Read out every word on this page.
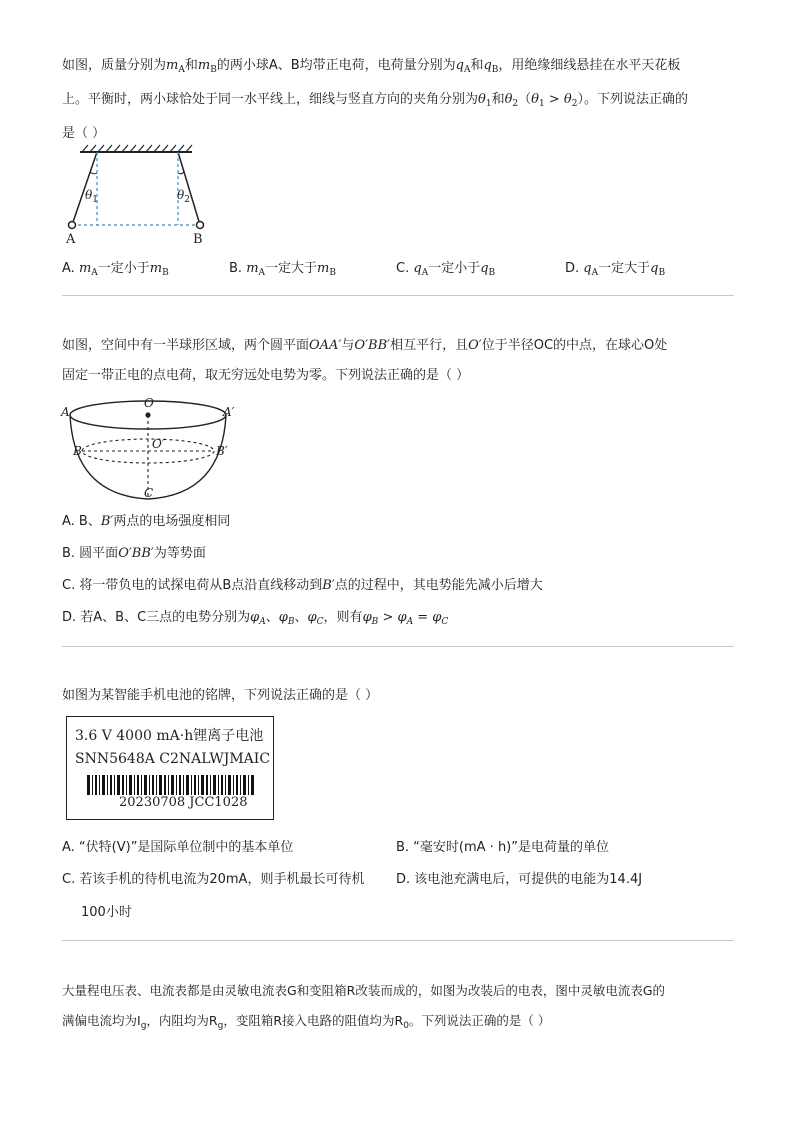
如图，质量分别为$m_A$和$m_B$的两小球A、B均带正电荷，电荷量分别为$q_A$和$q_B$，用绝缘细线悬挂在水平天花板
上。平衡时，两小球恰处于同一水平线上，细线与竖直方向的夹角分别为$\theta_1$和$\theta_2(\theta_1 > \theta_2)$。下列说法正确的
是（ ）
A	B
$\theta_1$	$\theta_2$
A. $m_A$一定小于$m_B$	B. $m_A$一定大于$m_B$	C. $q_A$一定小于$q_B$	D. $q_A$一定大于$q_B$
如图，空间中有一半球形区域，两个圆平面OAA′与O′BB′相互平行，且O′位于半径OC的中点，在球心O处
固定一带正电的点电荷，取无穷远处电势为零。下列说法正确的是（ ）
A	A′
O
O′
B	B′
C
A. B、B′两点的电场强度相同
B. 圆平面O′BB′为等势面
C. 将一带负电的试探电荷从B点沿直线移动到B′点的过程中，其电势能先减小后增大
D. 若A、B、C三点的电势分别为$\varphi_A$、$\varphi_B$、$\varphi_C$，则有$\varphi_B > \varphi_A = \varphi_C$
如图为某智能手机电池的铭牌，下列说法正确的是（ ）
3.6 V 4000 mA·h锂离子电池
SNN5648A C2NALWJMAIC
20230708 JCC1028
A. “伏特(V)”是国际单位制中的基本单位	B. “毫安时(mA · h)”是电荷量的单位
C. 若该手机的待机电流为20mA，则手机最长可待机
100小时
D. 该电池充满电后，可提供的电能为14.4J
大量程电压表、电流表都是由灵敏电流表G和变阻箱R改装而成的，如图为改装后的电表，图中灵敏电流表G的
满偏电流均为$I_g$，内阻均为$R_g$，变阻箱R接入电路的阻值均为$R_0$。下列说法正确的是（ ）
